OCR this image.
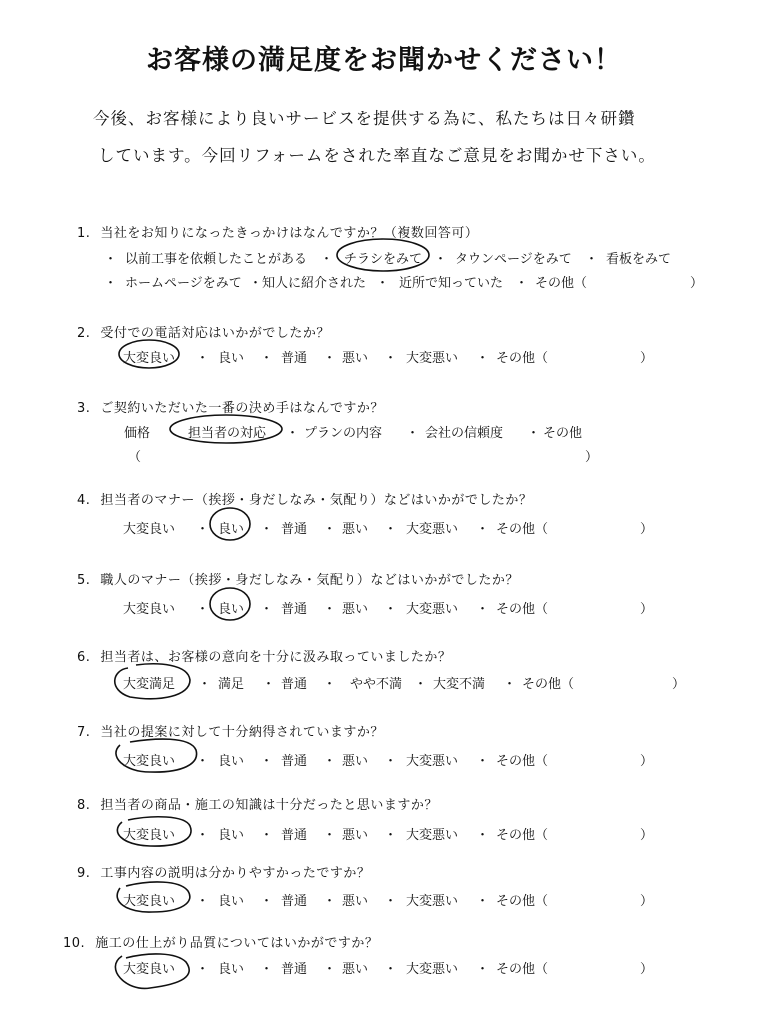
お客様の満足度をお聞かせください！
今後、お客様により良いサービスを提供する為に、私たちは日々研鑽
しています。今回リフォームをされた率直なご意見をお聞かせ下さい。
1. 当社をお知りになったきっかけはなんですか？（複数回答可）
・ 以前工事を依頼したことがある ・ チラシをみて ・ タウンページをみて ・ 看板をみて
・ ホームページをみて ・ 知人に紹介された ・ 近所で知っていた ・ その他（	）
2. 受付での電話対応はいかがでしたか？
大変良い ・ 良い ・ 普通 ・ 悪い ・ 大変悪い ・ その他（	）
3. ご契約いただいた一番の決め手はなんですか？
価格	担当者の対応 ・ プランの内容 ・ 会社の信頼度 ・ その他
（	）
4. 担当者のマナー（挨拶・身だしなみ・気配り）などはいかがでしたか？
大変良い ・ 良い ・ 普通 ・ 悪い ・ 大変悪い ・ その他（	）
5. 職人のマナー（挨拶・身だしなみ・気配り）などはいかがでしたか？
大変良い ・ 良い ・ 普通 ・ 悪い ・ 大変悪い ・ その他（	）
6. 担当者は、お客様の意向を十分に汲み取っていましたか？
大変満足 ・ 満足 ・ 普通 ・ やや不満 ・ 大変不満 ・ その他（	）
7. 当社の提案に対して十分納得されていますか？
大変良い ・ 良い ・ 普通 ・ 悪い ・ 大変悪い ・ その他（	）
8. 担当者の商品・施工の知識は十分だったと思いますか？
大変良い ・ 良い ・ 普通 ・ 悪い ・ 大変悪い ・ その他（	）
9. 工事内容の説明は分かりやすかったですか？
大変良い ・ 良い ・ 普通 ・ 悪い ・ 大変悪い ・ その他（	）
10. 施工の仕上がり品質についてはいかがですか？
大変良い ・ 良い ・ 普通 ・ 悪い ・ 大変悪い ・ その他（	）
